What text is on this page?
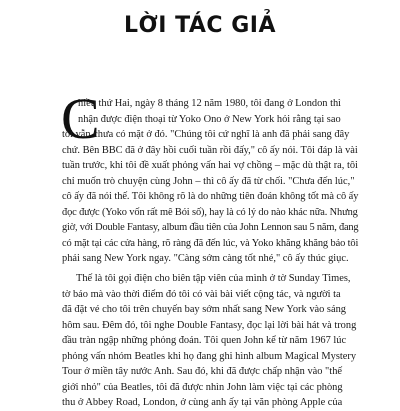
LỜI TÁC GIẢ
C
hiều thứ Hai, ngày 8 tháng 12 năm 1980, tôi đang ở London thì
nhận được điện thoại từ Yoko Ono ở New York hỏi rằng tại sao
tôi vẫn chưa có mặt ở đó. "Chúng tôi cứ nghĩ là anh đã phải sang đây
chứ. Bên BBC đã ở đây hồi cuối tuần rồi đấy," cô ấy nói. Tôi đáp là vài
tuần trước, khi tôi đề xuất phỏng vấn hai vợ chồng – mặc dù thật ra, tôi
chỉ muốn trò chuyện cùng John – thì cô ấy đã từ chối. "Chưa đến lúc,"
cô ấy đã nói thế. Tôi không rõ là do những tiên đoán không tốt mà cô ấy
đọc được (Yoko vốn rất mê Bói số), hay là có lý do nào khác nữa. Nhưng
giờ, với Double Fantasy, album đầu tiên của John Lennon sau 5 năm, đang
có mặt tại các cửa hàng, rõ ràng đã đến lúc, và Yoko khăng khăng bảo tôi
phải sang New York ngay. "Càng sớm càng tốt nhé," cô ấy thúc giục.
Thế là tôi gọi điện cho biên tập viên của mình ở tờ Sunday Times,
tờ báo mà vào thời điểm đó tôi có vài bài viết cộng tác, và người ta
đã đặt vé cho tôi trên chuyến bay sớm nhất sang New York vào sáng
hôm sau. Đêm đó, tôi nghe Double Fantasy, đọc lại lời bài hát và trong
đầu tràn ngập những phỏng đoán. Tôi quen John kể từ năm 1967 lúc
phỏng vấn nhóm Beatles khi họ đang ghi hình album Magical Mystery
Tour ở miền tây nước Anh. Sau đó, khi đã được chấp nhận vào "thế
giới nhỏ" của Beatles, tôi đã được nhìn John làm việc tại các phòng
thu ở Abbey Road, London, ở cùng anh ấy tại văn phòng Apple của
